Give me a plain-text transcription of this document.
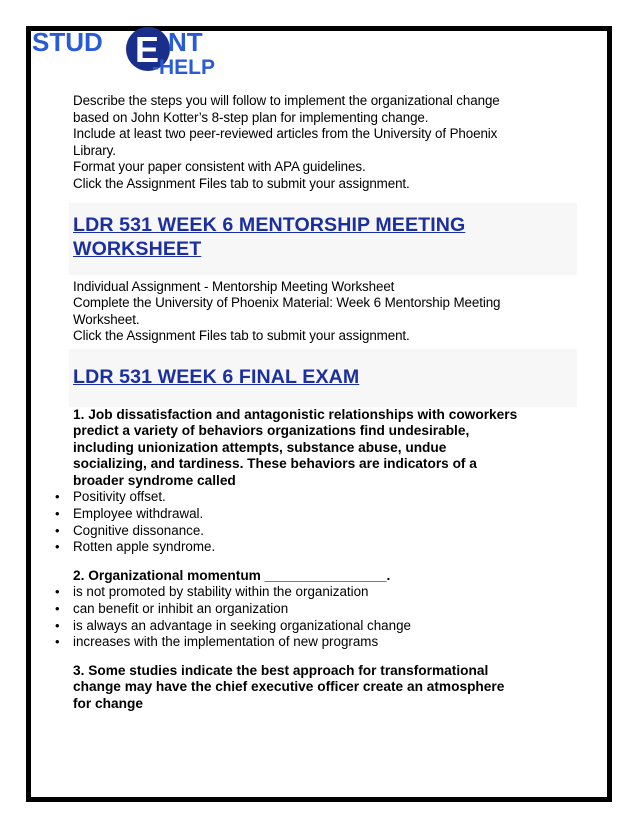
STUD E NT
-HELP
Describe the steps you will follow to implement the organizational change
based on John Kotter’s 8-step plan for implementing change.
Include at least two peer-reviewed articles from the University of Phoenix
Library.
Format your paper consistent with APA guidelines.
Click the Assignment Files tab to submit your assignment.
LDR 531 WEEK 6 MENTORSHIP MEETING
WORKSHEET
Individual Assignment - Mentorship Meeting Worksheet
Complete the University of Phoenix Material: Week 6 Mentorship Meeting
Worksheet.
Click the Assignment Files tab to submit your assignment.
LDR 531 WEEK 6 FINAL EXAM
1. Job dissatisfaction and antagonistic relationships with coworkers
predict a variety of behaviors organizations find undesirable,
including unionization attempts, substance abuse, undue
socializing, and tardiness. These behaviors are indicators of a
broader syndrome called
• Positivity offset.
• Employee withdrawal.
• Cognitive dissonance.
• Rotten apple syndrome.
2. Organizational momentum ________________.
• is not promoted by stability within the organization
• can benefit or inhibit an organization
• is always an advantage in seeking organizational change
• increases with the implementation of new programs
3. Some studies indicate the best approach for transformational
change may have the chief executive officer create an atmosphere
for change
